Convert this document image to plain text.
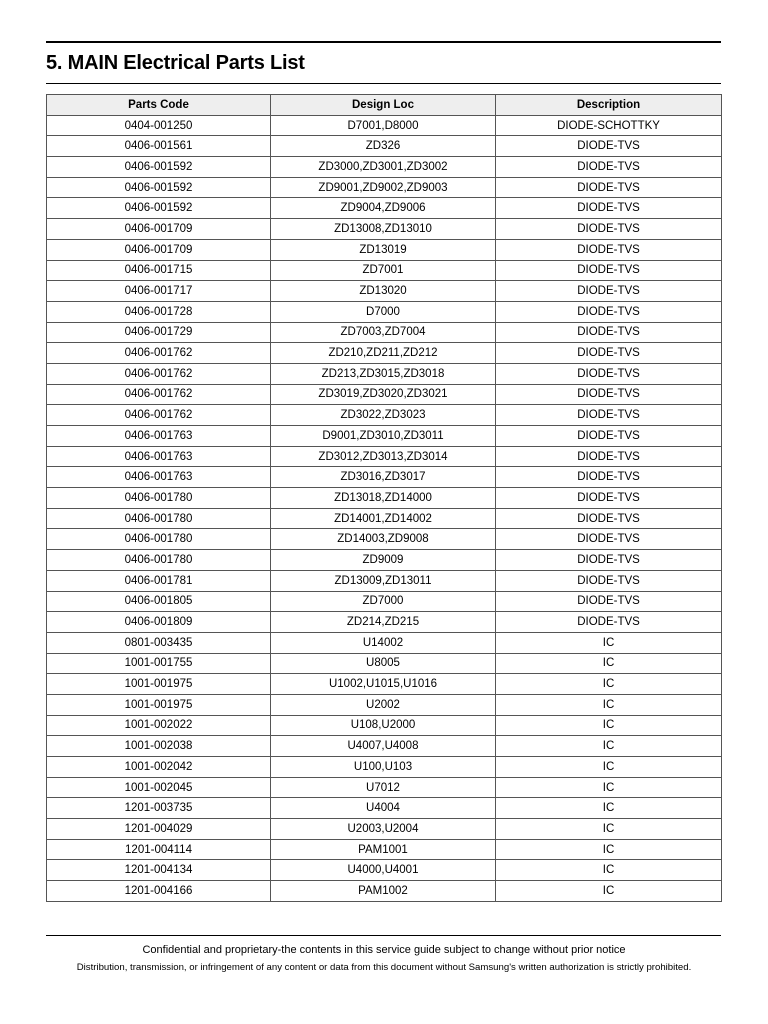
5. MAIN Electrical Parts List
Parts Code	Design Loc	Description
0404-001250	D7001,D8000	DIODE-SCHOTTKY
0406-001561	ZD326	DIODE-TVS
0406-001592	ZD3000,ZD3001,ZD3002	DIODE-TVS
0406-001592	ZD9001,ZD9002,ZD9003	DIODE-TVS
0406-001592	ZD9004,ZD9006	DIODE-TVS
0406-001709	ZD13008,ZD13010	DIODE-TVS
0406-001709	ZD13019	DIODE-TVS
0406-001715	ZD7001	DIODE-TVS
0406-001717	ZD13020	DIODE-TVS
0406-001728	D7000	DIODE-TVS
0406-001729	ZD7003,ZD7004	DIODE-TVS
0406-001762	ZD210,ZD211,ZD212	DIODE-TVS
0406-001762	ZD213,ZD3015,ZD3018	DIODE-TVS
0406-001762	ZD3019,ZD3020,ZD3021	DIODE-TVS
0406-001762	ZD3022,ZD3023	DIODE-TVS
0406-001763	D9001,ZD3010,ZD3011	DIODE-TVS
0406-001763	ZD3012,ZD3013,ZD3014	DIODE-TVS
0406-001763	ZD3016,ZD3017	DIODE-TVS
0406-001780	ZD13018,ZD14000	DIODE-TVS
0406-001780	ZD14001,ZD14002	DIODE-TVS
0406-001780	ZD14003,ZD9008	DIODE-TVS
0406-001780	ZD9009	DIODE-TVS
0406-001781	ZD13009,ZD13011	DIODE-TVS
0406-001805	ZD7000	DIODE-TVS
0406-001809	ZD214,ZD215	DIODE-TVS
0801-003435	U14002	IC
1001-001755	U8005	IC
1001-001975	U1002,U1015,U1016	IC
1001-001975	U2002	IC
1001-002022	U108,U2000	IC
1001-002038	U4007,U4008	IC
1001-002042	U100,U103	IC
1001-002045	U7012	IC
1201-003735	U4004	IC
1201-004029	U2003,U2004	IC
1201-004114	PAM1001	IC
1201-004134	U4000,U4001	IC
1201-004166	PAM1002	IC
Confidential and proprietary-the contents in this service guide subject to change without prior notice
Distribution, transmission, or infringement of any content or data from this document without Samsung's written authorization is strictly prohibited.
